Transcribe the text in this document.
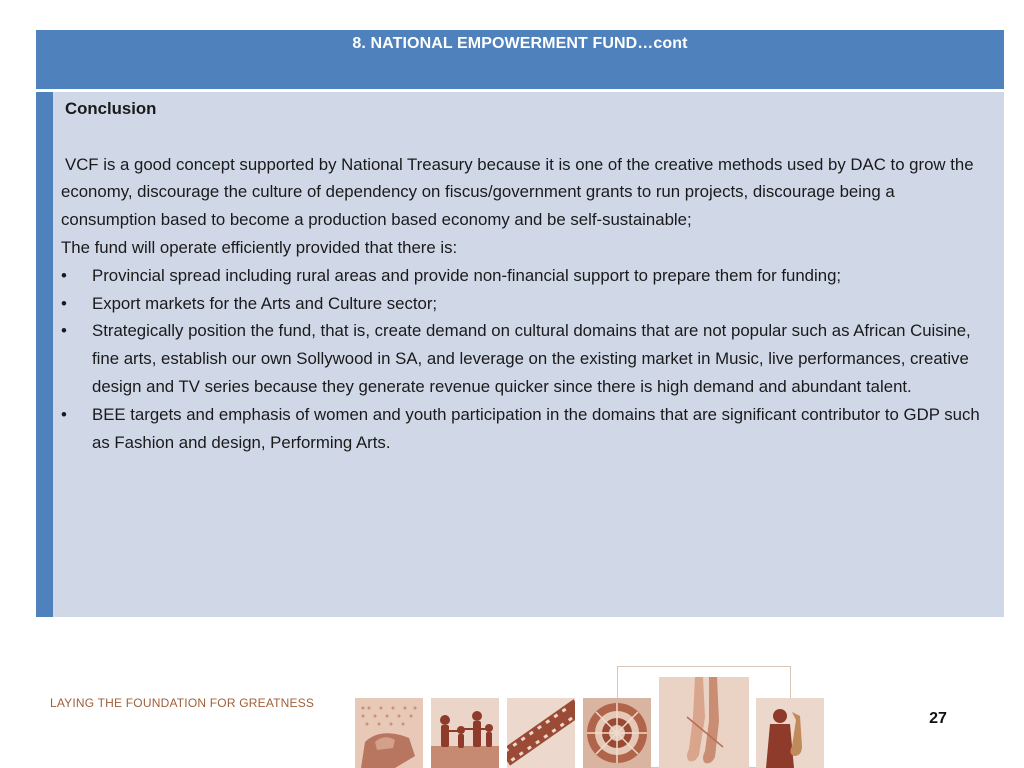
8. NATIONAL EMPOWERMENT FUND…cont

Conclusion

VCF is a good concept supported by National Treasury because it is one of the creative methods used by DAC to grow the economy, discourage the culture of dependency on fiscus/government grants to run projects, discourage being a consumption based to become a production based economy and be self-sustainable;

The fund will operate efficiently provided that there is:

• Provincial spread including rural areas and provide non-financial support to prepare them for funding;
• Export markets for the Arts and Culture sector;
• Strategically position the fund, that is, create demand on cultural domains that are not popular such as African Cuisine, fine arts, establish our own Sollywood in SA, and leverage on the existing market in Music, live performances, creative design and TV series because they generate revenue quicker since there is high demand and abundant talent.
• BEE targets and emphasis of women and youth participation in the domains that are significant contributor to GDP such as Fashion and design, Performing Arts.
LAYING THE FOUNDATION FOR GREATNESS
27
